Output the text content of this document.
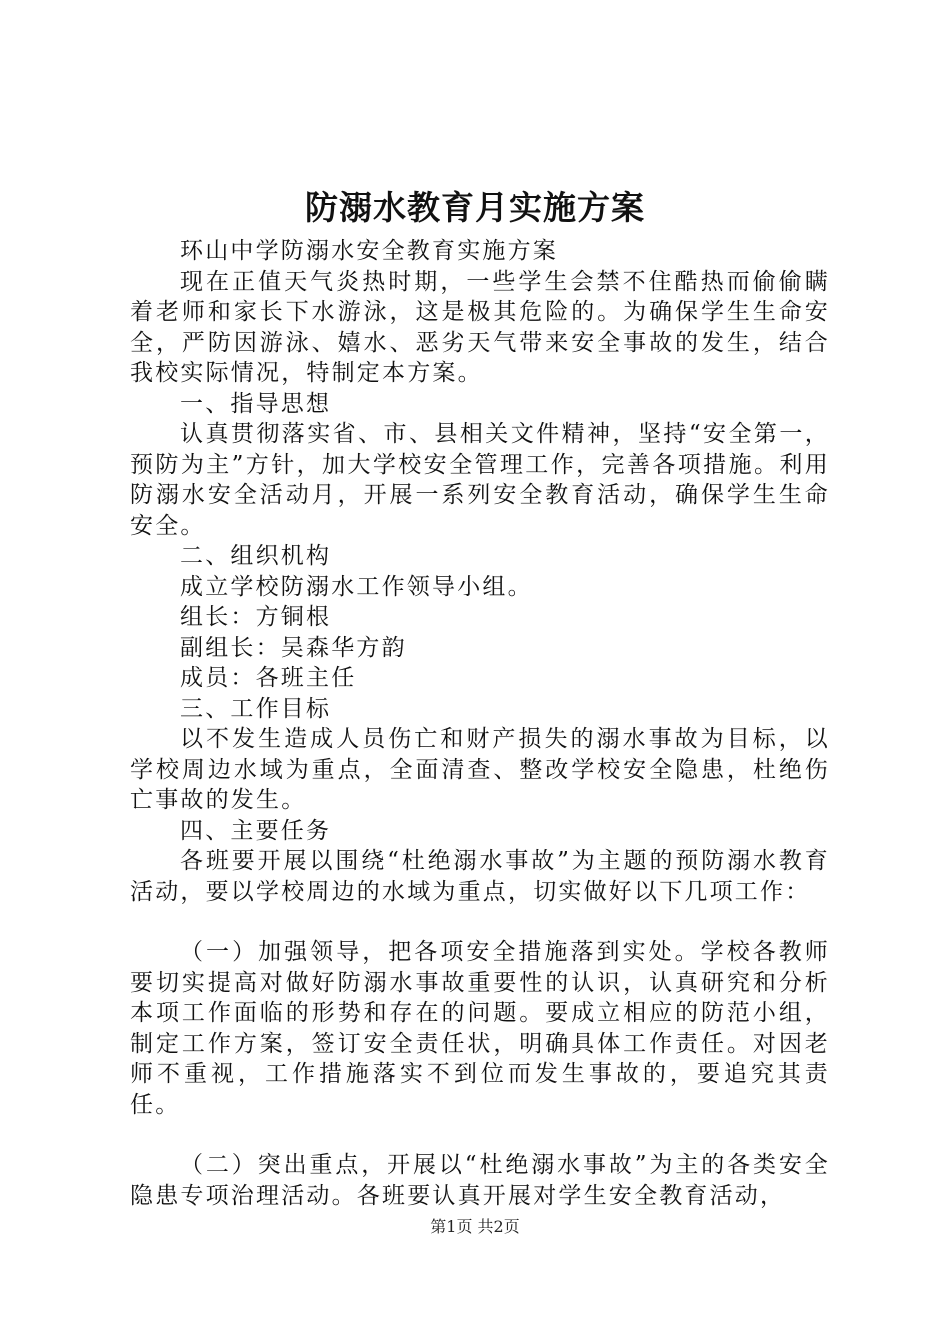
防溺水教育月实施方案

环山中学防溺水安全教育实施方案

现在正值天气炎热时期，一些学生会禁不住酷热而偷偷瞒着老师和家长下水游泳，这是极其危险的。为确保学生生命安全，严防因游泳、嬉水、恶劣天气带来安全事故的发生，结合我校实际情况，特制定本方案。

一、指导思想

认真贯彻落实省、市、县相关文件精神，坚持“安全第一，预防为主”方针，加大学校安全管理工作，完善各项措施。利用防溺水安全活动月，开展一系列安全教育活动，确保学生生命安全。

二、组织机构

成立学校防溺水工作领导小组。

组长：方铜根

副组长：吴森华方韵

成员：各班主任

三、工作目标

以不发生造成人员伤亡和财产损失的溺水事故为目标，以学校周边水域为重点，全面清查、整改学校安全隐患，杜绝伤亡事故的发生。

四、主要任务

各班要开展以围绕“杜绝溺水事故”为主题的预防溺水教育活动，要以学校周边的水域为重点，切实做好以下几项工作：

（一）加强领导，把各项安全措施落到实处。学校各教师要切实提高对做好防溺水事故重要性的认识，认真研究和分析本项工作面临的形势和存在的问题。要成立相应的防范小组，制定工作方案，签订安全责任状，明确具体工作责任。对因老师不重视，工作措施落实不到位而发生事故的，要追究其责任。

（二）突出重点，开展以“杜绝溺水事故”为主的各类安全隐患专项治理活动。各班要认真开展对学生安全教育活动，

第1页 共2页
